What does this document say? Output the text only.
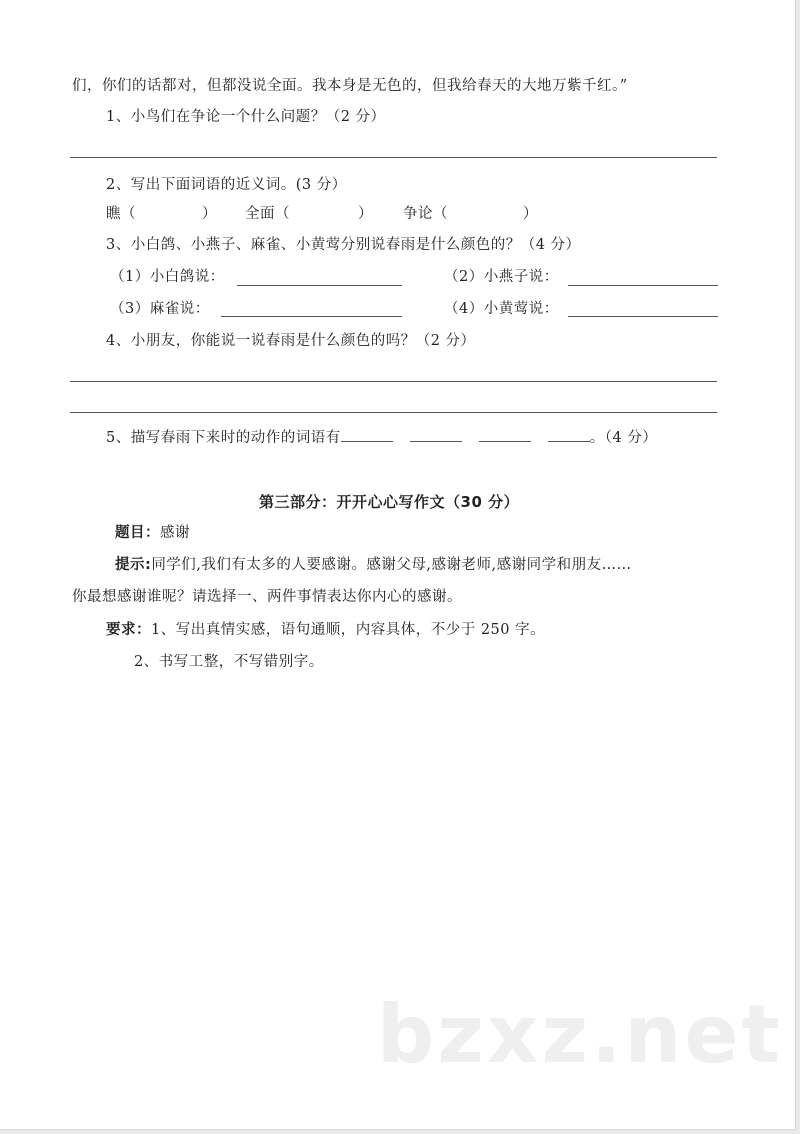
们，你们的话都对，但都没说全面。我本身是无色的，但我给春天的大地万紫千红。”
1、小鸟们在争论一个什么问题？（2 分）
2、写出下面词语的近义词。(3 分）
瞧（	） 全面（	） 争论（	）
3、小白鸽、小燕子、麻雀、小黄莺分别说春雨是什么颜色的？（4 分）
（1）小白鸽说：	（2）小燕子说：
（3）麻雀说：	（4）小黄莺说：
4、小朋友，你能说一说春雨是什么颜色的吗？（2 分）
5、描写春雨下来时的动作的词语有	。（4 分）
第三部分：开开心心写作文（30 分）
题目：感谢
提示:同学们,我们有太多的人要感谢。感谢父母,感谢老师,感谢同学和朋友……
你最想感谢谁呢？请选择一、两件事情表达你内心的感谢。
要求：1、写出真情实感，语句通顺，内容具体，不少于 250 字。
2、书写工整，不写错别字。
bzxz.net
